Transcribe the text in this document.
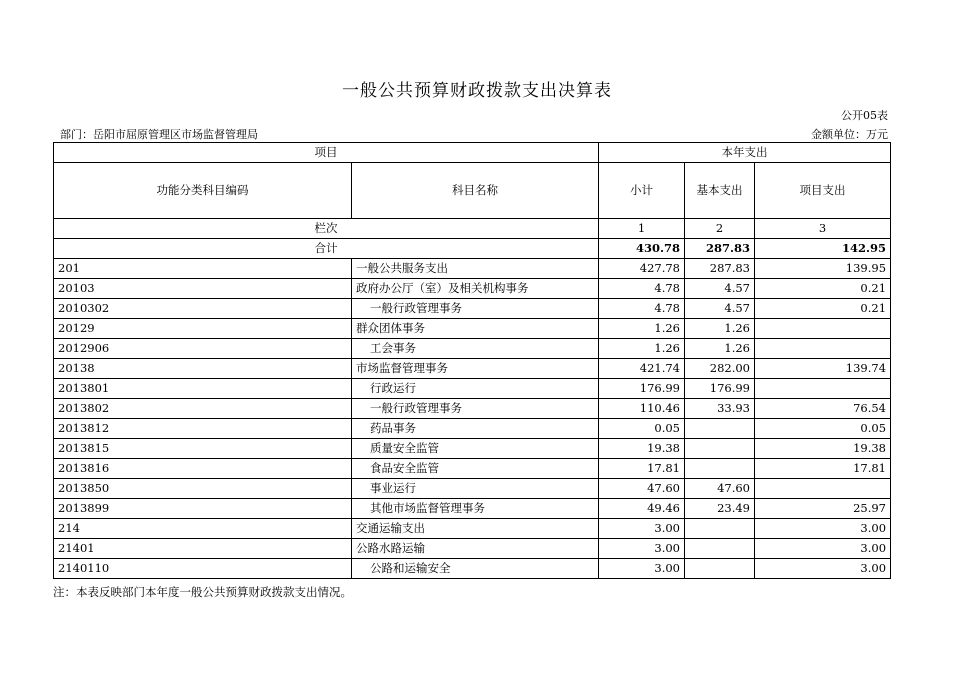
一般公共预算财政拨款支出决算表
公开05表
部门：岳阳市屈原管理区市场监督管理局	金额单位：万元
项目		本年支出		
功能分类科目编码	科目名称	小计	基本支出	项目支出
栏次		1	2	3
合计		430.78	287.83	142.95
201	一般公共服务支出	427.78	287.83	139.95
20103	政府办公厅（室）及相关机构事务	4.78	4.57	0.21
2010302	一般行政管理事务	4.78	4.57	0.21
20129	群众团体事务	1.26	1.26	
2012906	工会事务	1.26	1.26	
20138	市场监督管理事务	421.74	282.00	139.74
2013801	行政运行	176.99	176.99	
2013802	一般行政管理事务	110.46	33.93	76.54
2013812	药品事务	0.05		0.05
2013815	质量安全监管	19.38		19.38
2013816	食品安全监管	17.81		17.81
2013850	事业运行	47.60	47.60	
2013899	其他市场监督管理事务	49.46	23.49	25.97
214	交通运输支出	3.00		3.00
21401	公路水路运输	3.00		3.00
2140110	公路和运输安全	3.00		3.00
注：本表反映部门本年度一般公共预算财政拨款支出情况。
